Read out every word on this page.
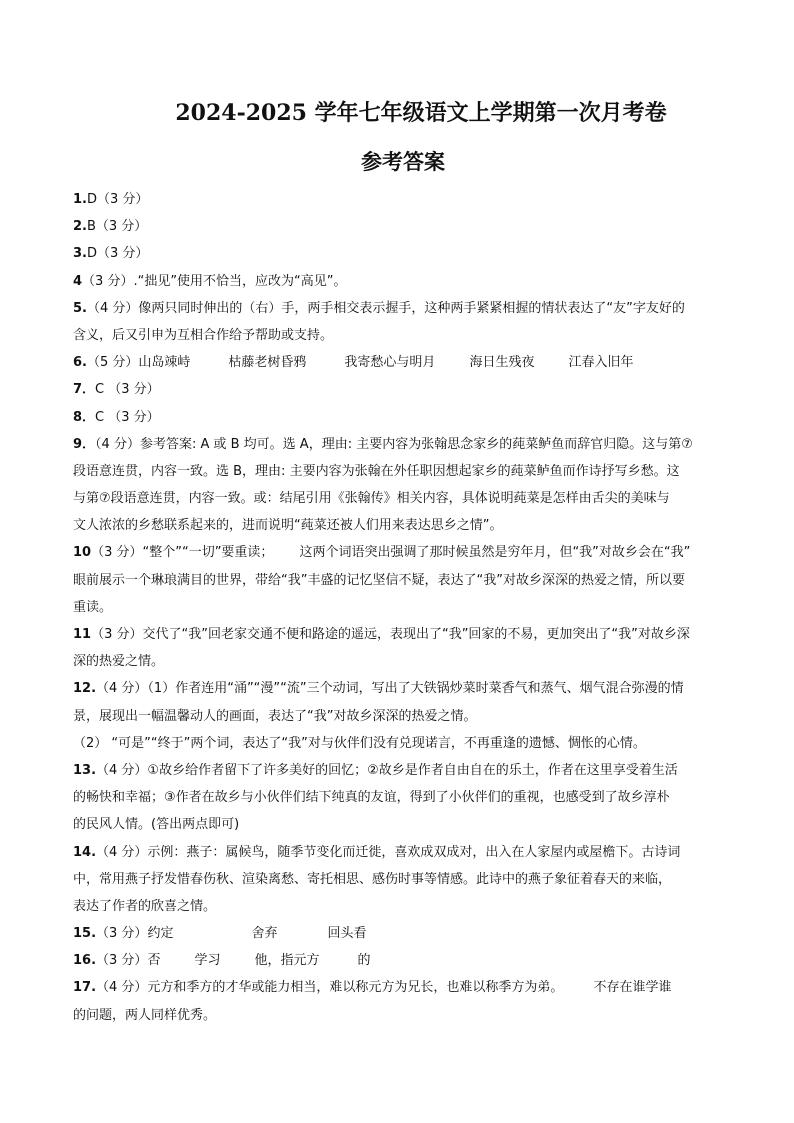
2024-2025 学年七年级语文上学期第一次月考卷
参考答案
1.D（3 分）
2.B（3 分）
3.D（3 分）
4（3 分）.“拙见”使用不恰当，应改为“高见”。
5.（4 分）像两只同时伸出的（右）手，两手相交表示握手，这种两手紧紧相握的情状表达了“友”字友好的
含义，后又引申为互相合作给予帮助或支持。
6.（5 分）山岛竦峙	枯藤老树昏鸦	我寄愁心与明月	海日生残夜	江春入旧年
7．C （3 分）
8．C （3 分）
9．（4 分）参考答案: A 或 B 均可。选 A，理由: 主要内容为张翰思念家乡的莼菜鲈鱼而辞官归隐。这与第⑦
段语意连贯，内容一致。选 B，理由: 主要内容为张翰在外任职因想起家乡的莼菜鲈鱼而作诗抒写乡愁。这
与第⑦段语意连贯，内容一致。或：结尾引用《张翰传》相关内容，具体说明莼菜是怎样由舌尖的美味与
文人浓浓的乡愁联系起来的，进而说明“莼菜还被人们用来表达思乡之情”。
10（3 分）“整个”“一切”要重读； 这两个词语突出强调了那时候虽然是穷年月，但“我”对故乡会在“我”
眼前展示一个琳琅满目的世界，带给“我”丰盛的记忆坚信不疑，表达了“我”对故乡深深的热爱之情，所以要
重读。
11（3 分）交代了“我”回老家交通不便和路途的遥远，表现出了“我”回家的不易，更加突出了“我”对故乡深
深的热爱之情。
12.（4 分）（1）作者连用“涌”“漫”“流”三个动词，写出了大铁锅炒菜时菜香气和蒸气、烟气混合弥漫的情
景，展现出一幅温馨动人的画面，表达了“我”对故乡深深的热爱之情。
（2） “可是”“终于”两个词，表达了“我”对与伙伴们没有兑现诺言，不再重逢的遗憾、惆怅的心情。
13.（4 分）①故乡给作者留下了许多美好的回忆；②故乡是作者自由自在的乐土，作者在这里享受着生活
的畅快和幸福；③作者在故乡与小伙伴们结下纯真的友谊，得到了小伙伴们的重视，也感受到了故乡淳朴
的民风人情。(答出两点即可)
14.（4 分）示例：燕子：属候鸟，随季节变化而迁徙，喜欢成双成对，出入在人家屋内或屋檐下。古诗词
中，常用燕子抒发惜春伤秋、渲染离愁、寄托相思、感伤时事等情感。此诗中的燕子象征着春天的来临，
表达了作者的欣喜之情。
15.（3 分）约定	舍弃	回头看
16.（3 分）否	学习	他，指元方	的
17.（4 分）元方和季方的才华或能力相当，难以称元方为兄长，也难以称季方为弟。 不存在谁学谁
的问题，两人同样优秀。
